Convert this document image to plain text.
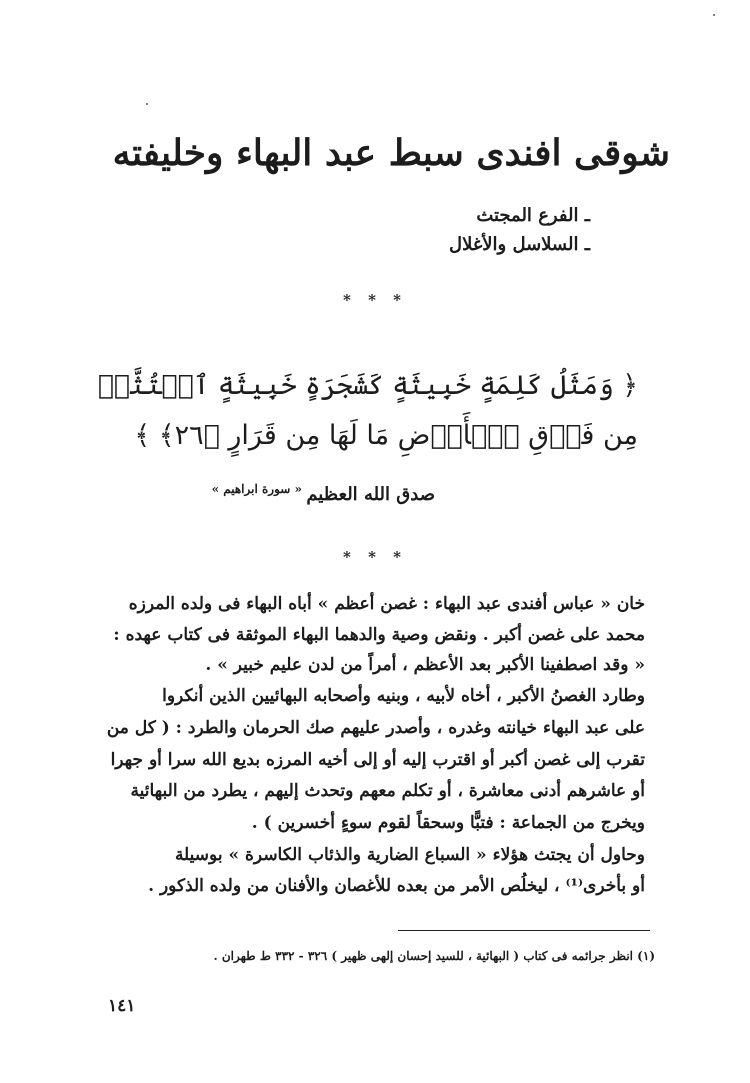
شوقى افندى سبط عبد البهاء وخليفته
ـ الفرع المجتث
ـ السلاسل والأغلال
* * *
﴿ وَمَثَلُ كَلِمَةٍ خَبِيثَةٍ كَشَجَرَةٍ خَبِيثَةٍ ٱجۡتُثَّتۡ
مِن فَوۡقِ ٱلۡأَرۡضِ مَا لَهَا مِن قَرَارٍ ﴿٢٦﴾ ﴾
صدق الله العظيم
« سورة ابراهيم »
* * *
خان « عباس أفندى عبد البهاء : غصن أعظم » أباه البهاء فى ولده المرزه
محمد على غصن أكبر . ونقض وصية والدهما البهاء الموثقة فى كتاب عهده :
« وقد اصطفينا الأكبر بعد الأعظم ، أمراً من لدن عليم خبير » .
وطارد الغصنُ الأكبر ، أخاه لأبيه ، وبنيه وأصحابه البهائيين الذين أنكروا
على عبد البهاء خيانته وغدره ، وأصدر عليهم صك الحرمان والطرد : ( كل من
تقرب إلى غصن أكبر أو اقترب إليه أو إلى أخيه المرزه بديع الله سرا أو جهرا
أو عاشرهم أدنى معاشرة ، أو تكلم معهم وتحدث إليهم ، يطرد من البهائية
ويخرج من الجماعة : فتبًّا وسحقاً لقوم سوءٍ أخسرين ) .
وحاول أن يجتث هؤلاء « السباع الضارية والذئاب الكاسرة » بوسيلة
أو بأخرى⁽¹⁾ ، ليخلُص الأمر من بعده للأغصان والأفنان من ولده الذكور .
(١) انظر جرائمه فى كتاب ( البهائية ، للسيد إحسان إلهى ظهير ) ٣٢٦ - ٣٣٢ ط طهران .
١٤١
